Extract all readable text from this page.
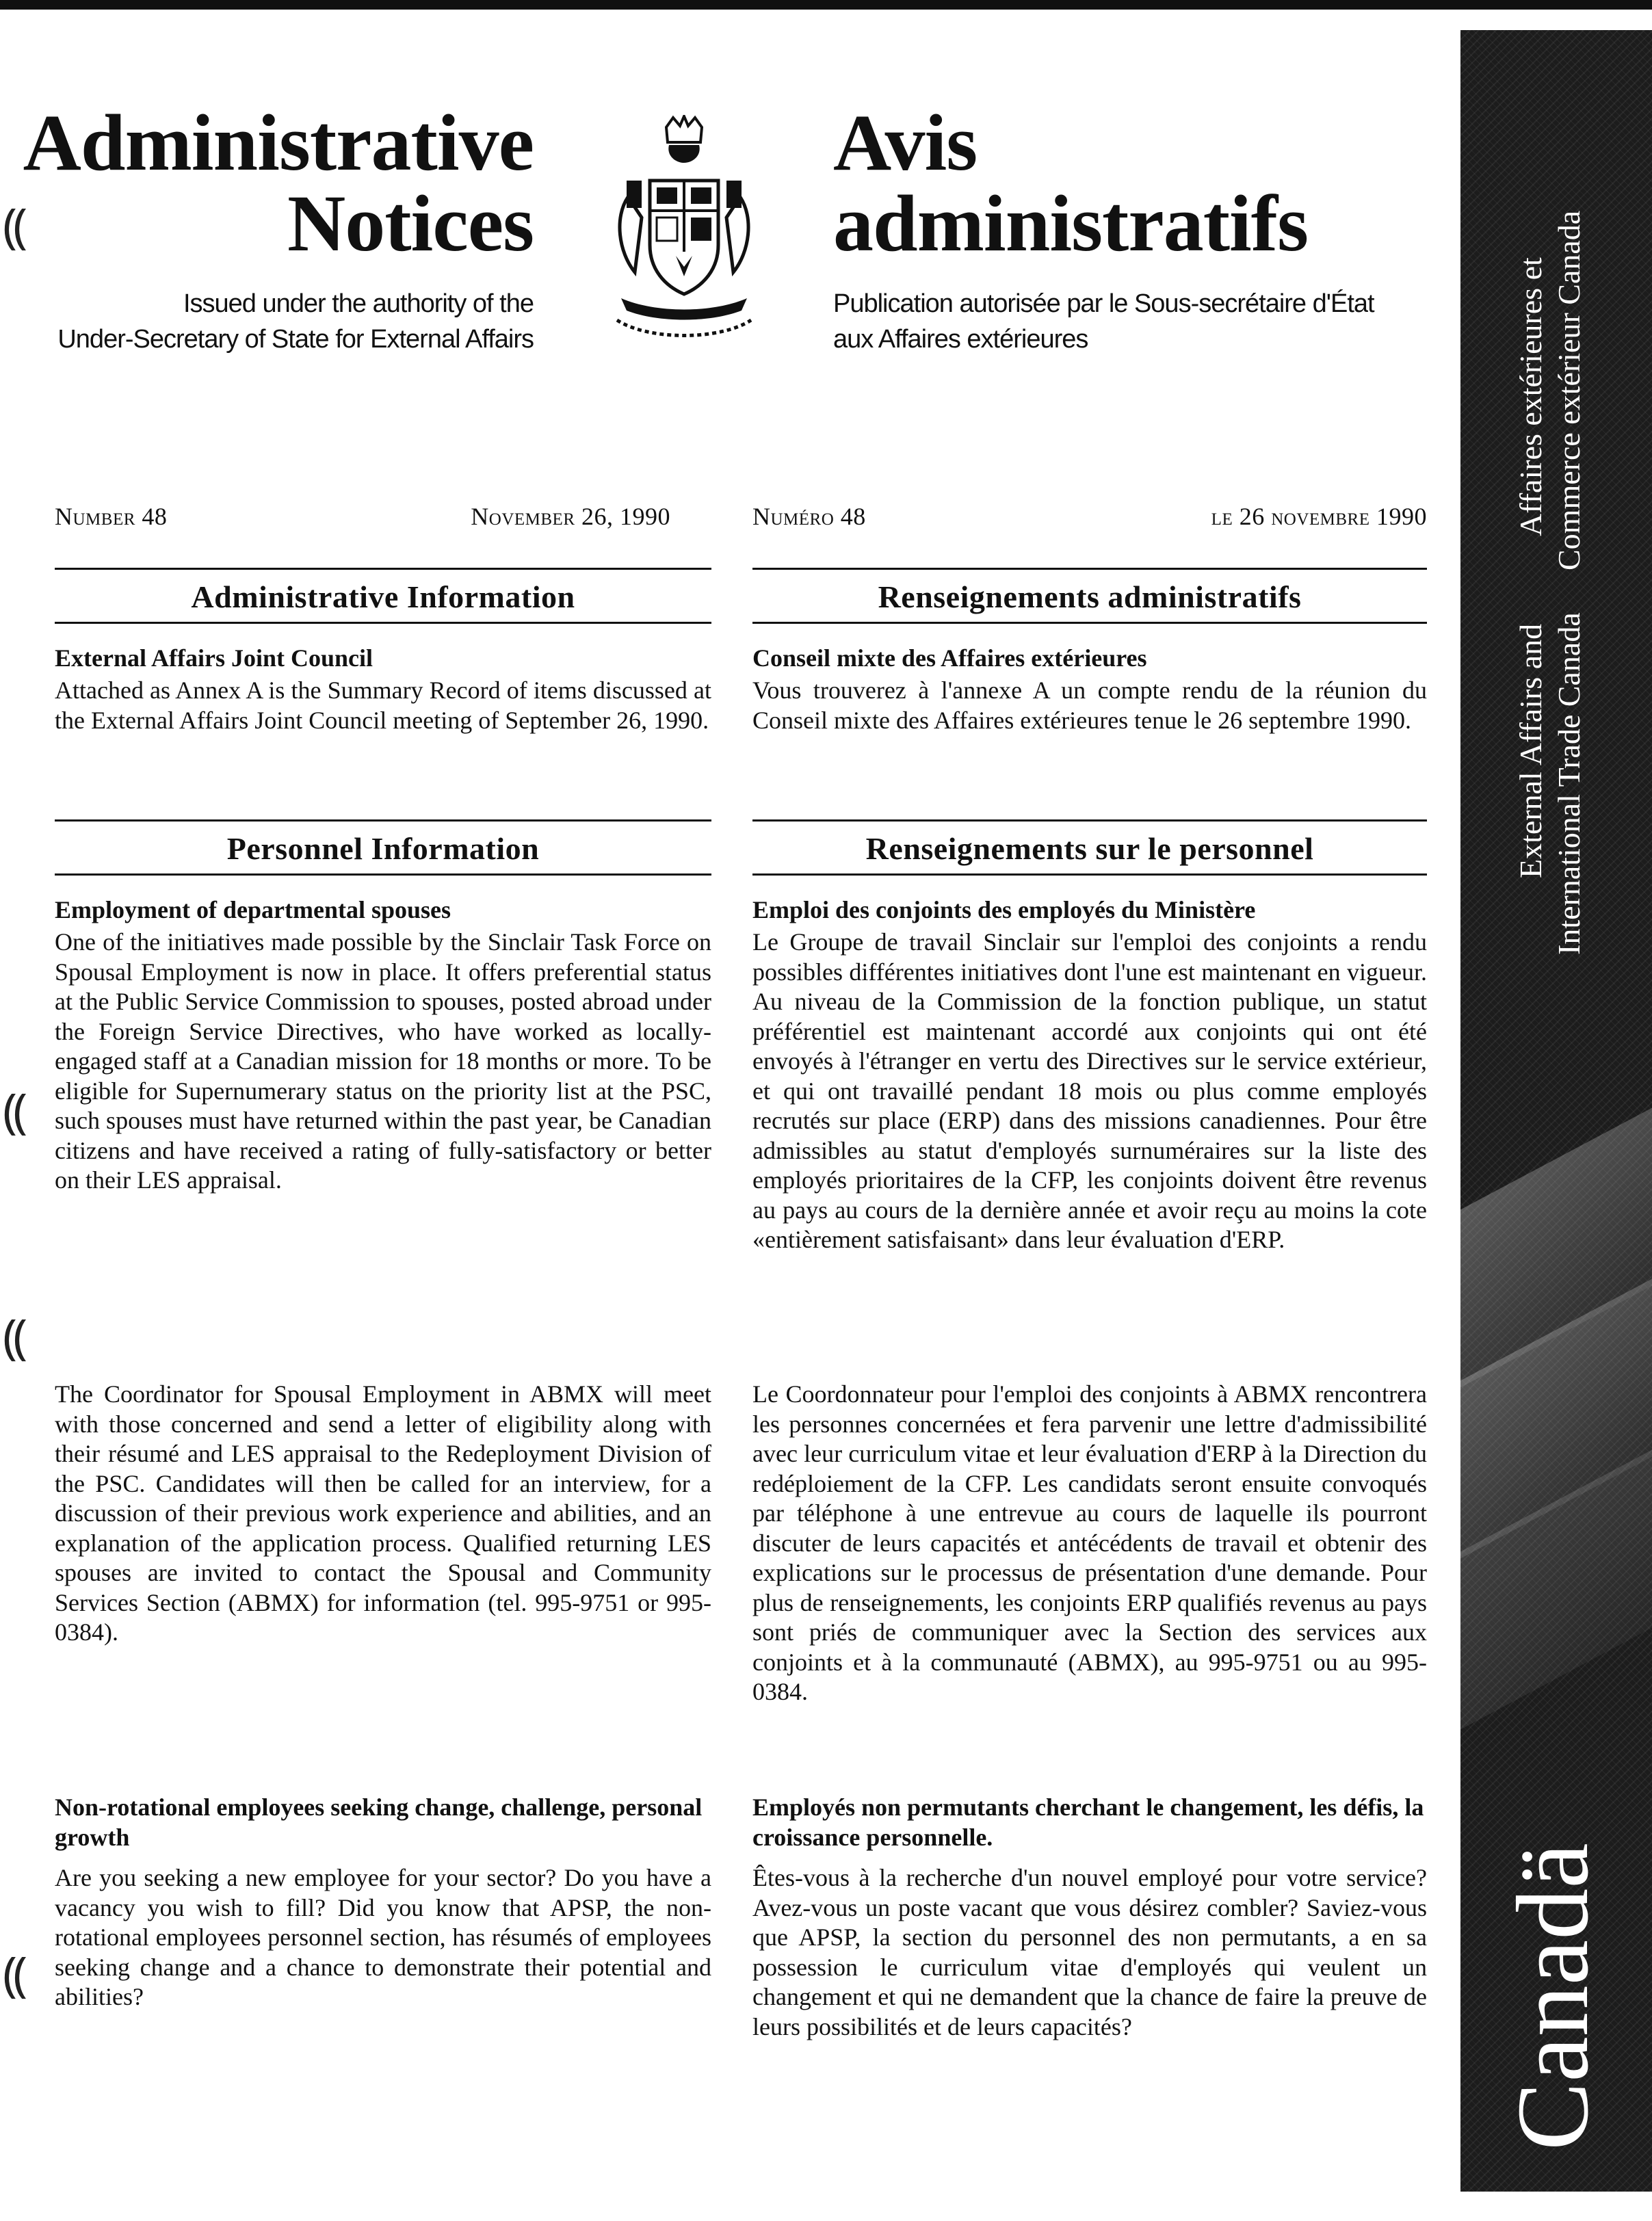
Administrative
Notices
Issued under the authority of the
Under-Secretary of State for External Affairs
Avis
administratifs
Publication autorisée par le Sous-secrétaire d'État
aux Affaires extérieures
Number 48	November 26, 1990	Numéro 48	le 26 novembre 1990
Administrative Information
External Affairs Joint Council
Attached as Annex A is the Summary Record of items discussed at the External Affairs Joint Council meeting of September 26, 1990.
Personnel Information
Employment of departmental spouses
One of the initiatives made possible by the Sinclair Task Force on Spousal Employment is now in place. It offers preferential status at the Public Service Commission to spouses, posted abroad under the Foreign Service Directives, who have worked as locally-engaged staff at a Canadian mission for 18 months or more. To be eligible for Supernumerary status on the priority list at the PSC, such spouses must have returned within the past year, be Canadian citizens and have received a rating of fully-satisfactory or better on their LES appraisal.
The Coordinator for Spousal Employment in ABMX will meet with those concerned and send a letter of eligibility along with their résumé and LES appraisal to the Redeployment Division of the PSC. Candidates will then be called for an interview, for a discussion of their previous work experience and abilities, and an explanation of the application process. Qualified returning LES spouses are invited to contact the Spousal and Community Services Section (ABMX) for information (tel. 995-9751 or 995-0384).
Non-rotational employees seeking change, challenge, personal growth
Are you seeking a new employee for your sector? Do you have a vacancy you wish to fill? Did you know that APSP, the non-rotational employees personnel section, has résumés of employees seeking change and a chance to demonstrate their potential and abilities?
Renseignements administratifs
Conseil mixte des Affaires extérieures
Vous trouverez à l'annexe A un compte rendu de la réunion du Conseil mixte des Affaires extérieures tenue le 26 septembre 1990.
Renseignements sur le personnel
Emploi des conjoints des employés du Ministère
Le Groupe de travail Sinclair sur l'emploi des conjoints a rendu possibles différentes initiatives dont l'une est maintenant en vigueur. Au niveau de la Commission de la fonction publique, un statut préférentiel est maintenant accordé aux conjoints qui ont été envoyés à l'étranger en vertu des Directives sur le service extérieur, et qui ont travaillé pendant 18 mois ou plus comme employés recrutés sur place (ERP) dans des missions canadiennes. Pour être admissibles au statut d'employés surnuméraires sur la liste des employés prioritaires de la CFP, les conjoints doivent être revenus au pays au cours de la dernière année et avoir reçu au moins la cote «entièrement satisfaisant» dans leur évaluation d'ERP.
Le Coordonnateur pour l'emploi des conjoints à ABMX rencontrera les personnes concernées et fera parvenir une lettre d'admissibilité avec leur curriculum vitae et leur évaluation d'ERP à la Direction du redéploiement de la CFP. Les candidats seront ensuite convoqués par téléphone à une entrevue au cours de laquelle ils pourront discuter de leurs capacités et antécédents de travail et obtenir des explications sur le processus de présentation d'une demande. Pour plus de renseignements, les conjoints ERP qualifiés revenus au pays sont priés de communiquer avec la Section des services aux conjoints et à la communauté (ABMX), au 995-9751 ou au 995-0384.
Employés non permutants cherchant le changement, les défis, la croissance personnelle.
Êtes-vous à la recherche d'un nouvel employé pour votre service? Avez-vous un poste vacant que vous désirez combler? Saviez-vous que APSP, la section du personnel des non permutants, a en sa possession le curriculum vitae d'employés qui veulent un changement et qui ne demandent que la chance de faire la preuve de leurs possibilités et de leurs capacités?
⸨
⸨
⸨
⸨
External Affairs and International Trade Canada
Affaires extérieures et Commerce extérieur Canada
Canadä
